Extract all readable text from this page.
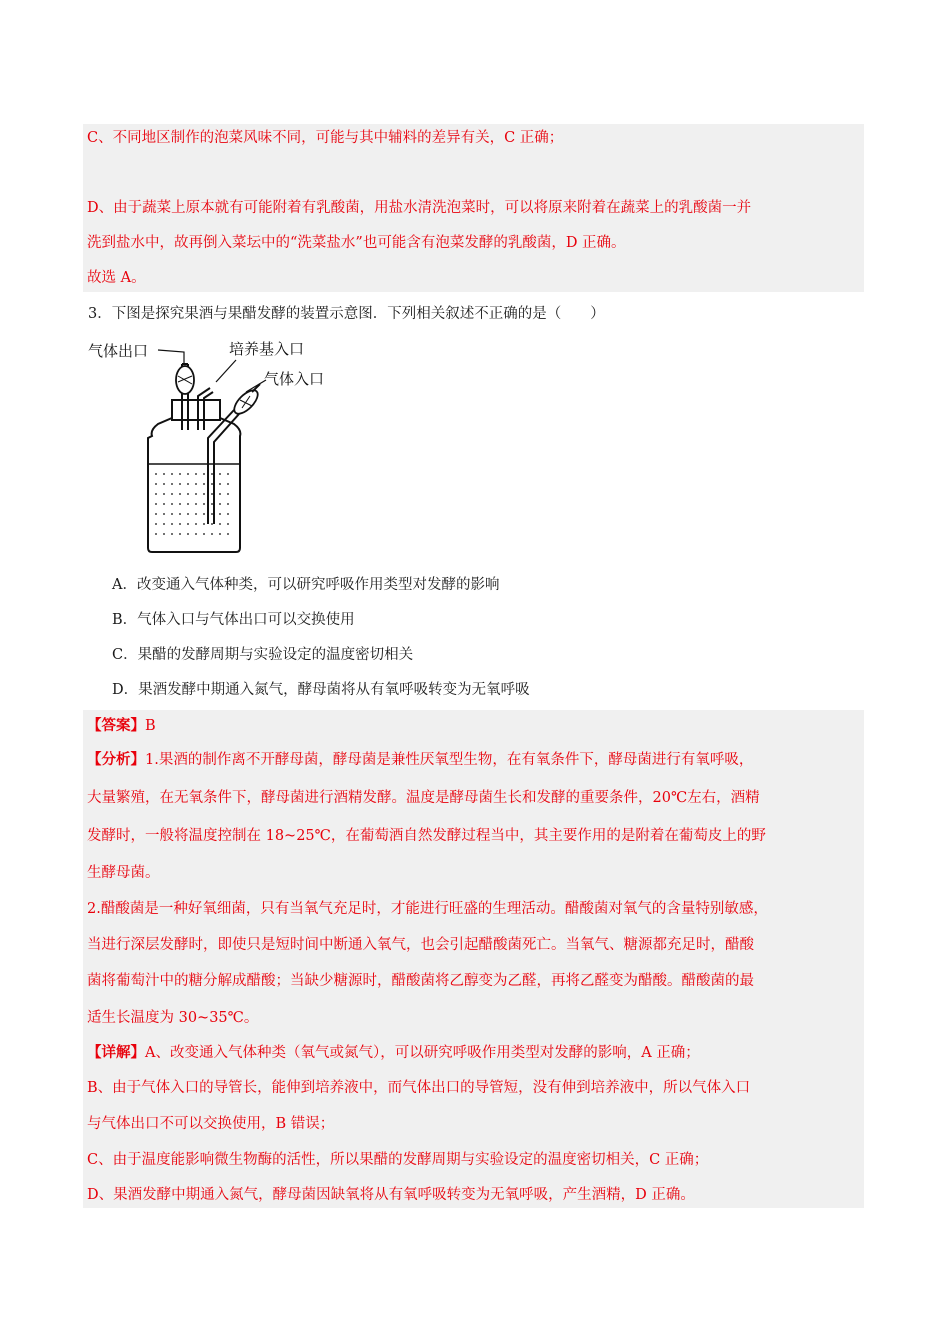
C、不同地区制作的泡菜风味不同，可能与其中辅料的差异有关，C 正确；
D、由于蔬菜上原本就有可能附着有乳酸菌，用盐水清洗泡菜时，可以将原来附着在蔬菜上的乳酸菌一并
洗到盐水中，故再倒入菜坛中的“洗菜盐水”也可能含有泡菜发酵的乳酸菌，D 正确。
故选 A。
3．下图是探究果酒与果醋发酵的装置示意图．下列相关叙述不正确的是（　　）
气体出口	培养基入口
气体入口
A．改变通入气体种类，可以研究呼吸作用类型对发酵的影响
B．气体入口与气体出口可以交换使用
C．果醋的发酵周期与实验设定的温度密切相关
D．果酒发酵中期通入氮气，酵母菌将从有氧呼吸转变为无氧呼吸
【答案】B
【分析】1.果酒的制作离不开酵母菌，酵母菌是兼性厌氧型生物，在有氧条件下，酵母菌进行有氧呼吸，
大量繁殖，在无氧条件下，酵母菌进行酒精发酵。温度是酵母菌生长和发酵的重要条件，20℃左右，酒精
发酵时，一般将温度控制在 18~25℃，在葡萄酒自然发酵过程当中，其主要作用的是附着在葡萄皮上的野
生酵母菌。
2.醋酸菌是一种好氧细菌，只有当氧气充足时，才能进行旺盛的生理活动。醋酸菌对氧气的含量特别敏感，
当进行深层发酵时，即使只是短时间中断通入氧气，也会引起醋酸菌死亡。当氧气、糖源都充足时，醋酸
菌将葡萄汁中的糖分解成醋酸；当缺少糖源时，醋酸菌将乙醇变为乙醛，再将乙醛变为醋酸。醋酸菌的最
适生长温度为 30~35℃。
【详解】A、改变通入气体种类（氧气或氮气），可以研究呼吸作用类型对发酵的影响，A 正确；
B、由于气体入口的导管长，能伸到培养液中，而气体出口的导管短，没有伸到培养液中，所以气体入口
与气体出口不可以交换使用，B 错误；
C、由于温度能影响微生物酶的活性，所以果醋的发酵周期与实验设定的温度密切相关，C 正确；
D、果酒发酵中期通入氮气，酵母菌因缺氧将从有氧呼吸转变为无氧呼吸，产生酒精，D 正确。
